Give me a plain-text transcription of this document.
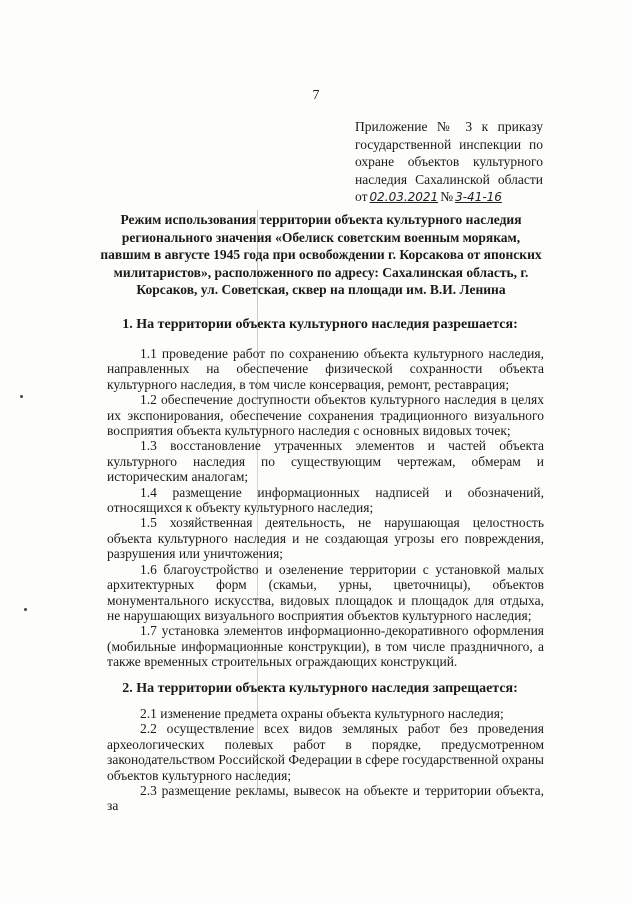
7
Приложение № 3 к приказу государственной инспекции по охране объектов культурного наследия Сахалинской области от 02.03.2021 № 3-41-16
Режим использования территории объекта культурного наследия регионального значения «Обелиск советским военным морякам, павшим в августе 1945 года при освобождении г. Корсакова от японских милитаристов», расположенного по адресу: Сахалинская область, г. Корсаков, ул. Советская, сквер на площади им. В.И. Ленина
1. На территории объекта культурного наследия разрешается:

1.1 проведение работ по сохранению объекта культурного наследия, направленных на обеспечение физической сохранности объекта культурного наследия, в том числе консервация, ремонт, реставрация;

1.2 обеспечение доступности объектов культурного наследия в целях их экспонирования, обеспечение сохранения традиционного визуального восприятия объекта культурного наследия с основных видовых точек;

1.3 восстановление утраченных элементов и частей объекта культурного наследия по существующим чертежам, обмерам и историческим аналогам;

1.4 размещение информационных надписей и обозначений, относящихся к объекту культурного наследия;

1.5 хозяйственная деятельность, не нарушающая целостность объекта культурного наследия и не создающая угрозы его повреждения, разрушения или уничтожения;

1.6 благоустройство и озеленение территории с установкой малых архитектурных форм (скамьи, урны, цветочницы), объектов монументального искусства, видовых площадок и площадок для отдыха, не нарушающих визуального восприятия объектов культурного наследия;

1.7 установка элементов информационно-декоративного оформления (мобильные информационные конструкции), в том числе праздничного, а также временных строительных ограждающих конструкций.

2. На территории объекта культурного наследия запрещается:

2.1 изменение предмета охраны объекта культурного наследия;

2.2 осуществление всех видов земляных работ без проведения археологических полевых работ в порядке, предусмотренном законодательством Российской Федерации в сфере государственной охраны объектов культурного наследия;

2.3 размещение рекламы, вывесок на объекте и территории объекта, за
